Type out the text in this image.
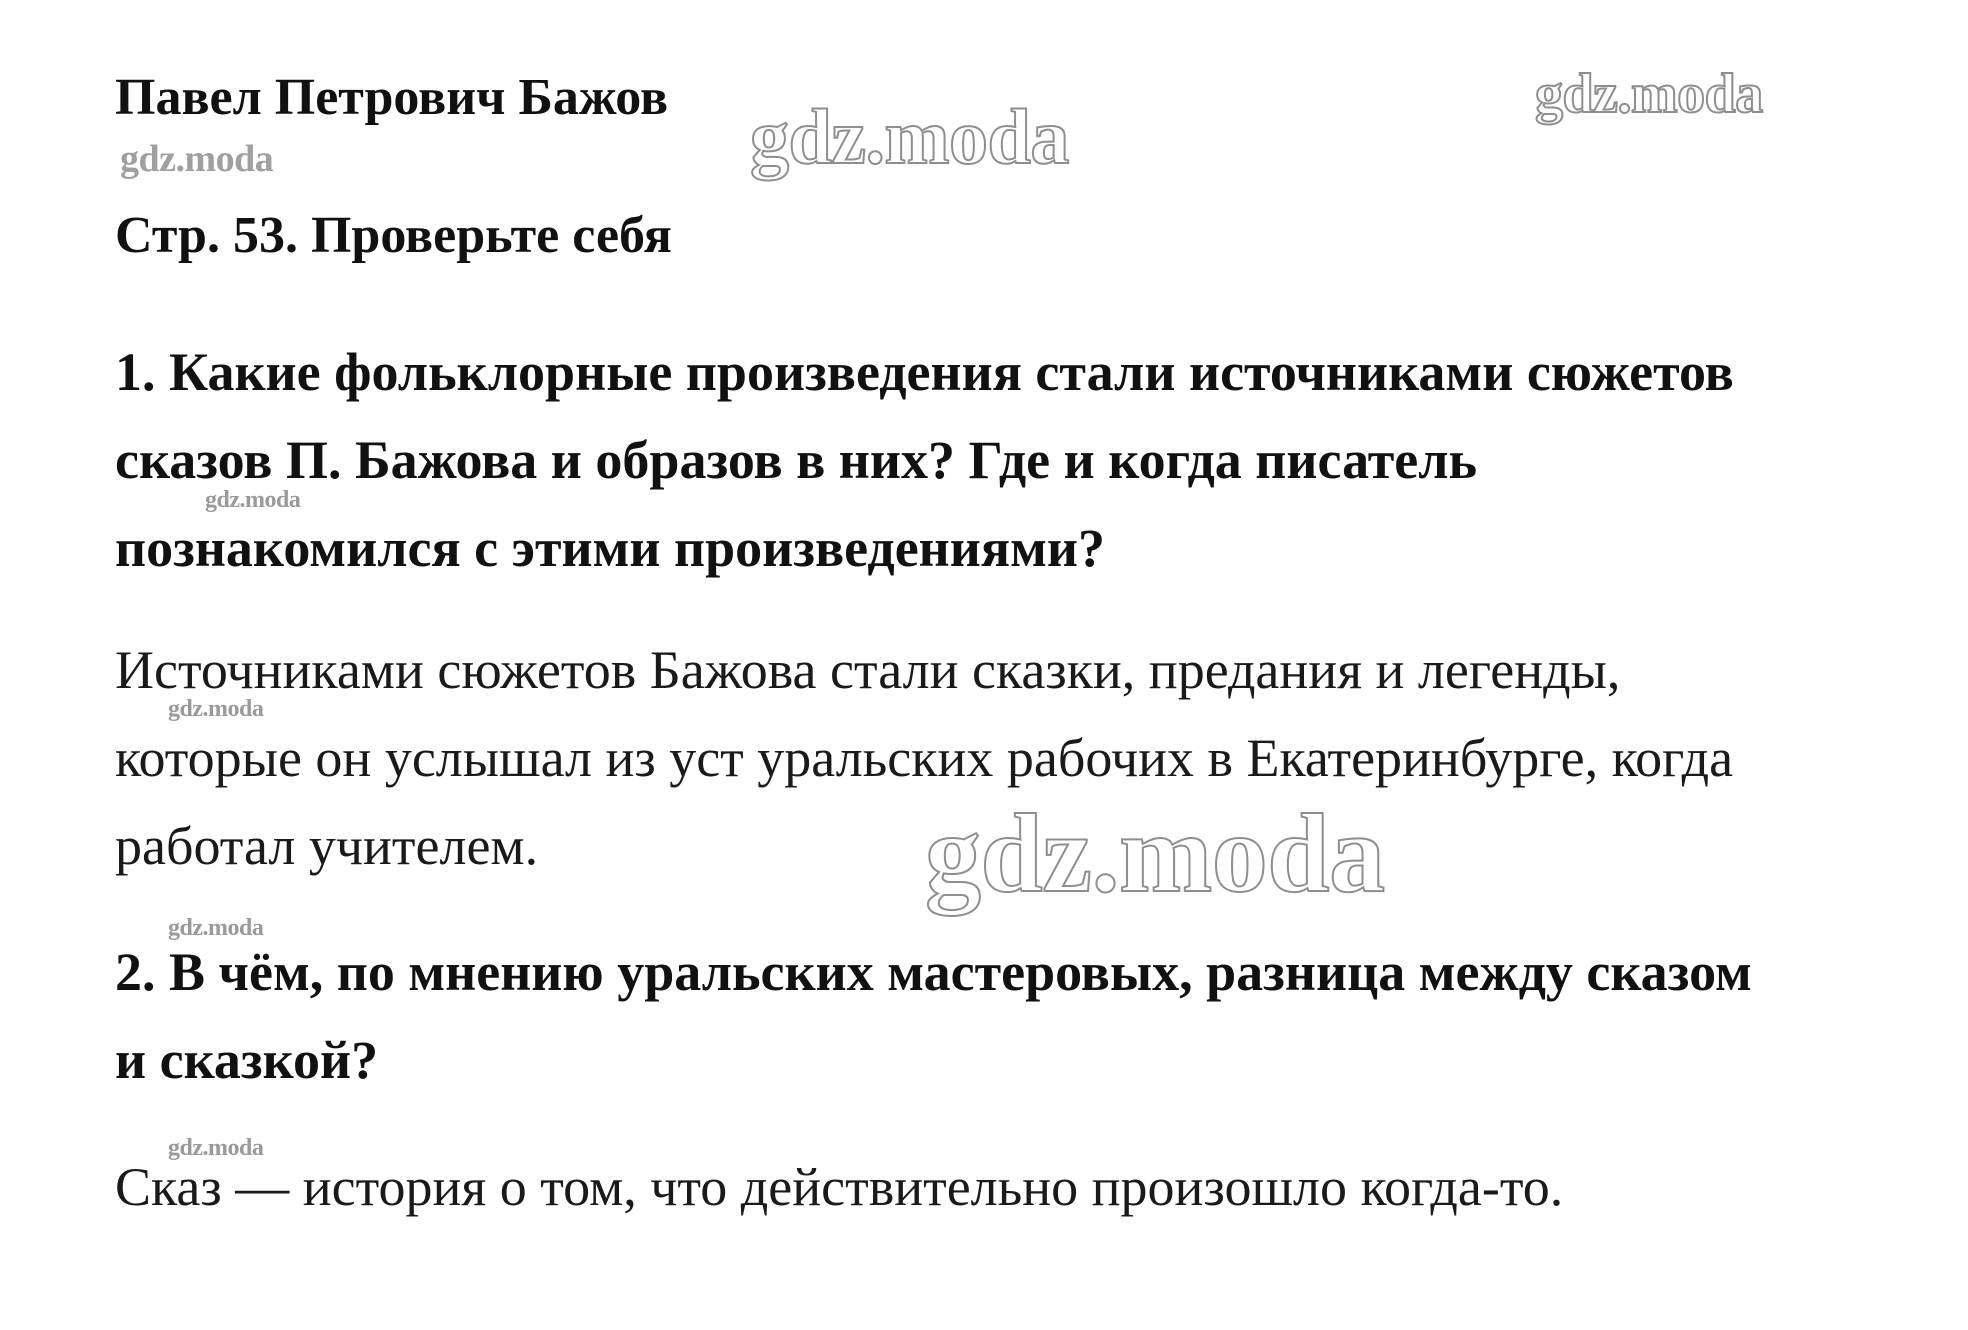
Павел Петрович Бажов
Стр. 53. Проверьте себя
1. Какие фольклорные произведения стали источниками сюжетов
сказов П. Бажова и образов в них? Где и когда писатель
познакомился с этими произведениями?
Источниками сюжетов Бажова стали сказки, предания и легенды,
которые он услышал из уст уральских рабочих в Екатеринбурге, когда
работал учителем.
2. В чём, по мнению уральских мастеровых, разница между сказом
и сказкой?
Сказ — история о том, что действительно произошло когда-то.
gdz.moda	gdz.moda
gdz.moda
gdz.moda
gdz.moda
gdz.moda
gdz.moda
gdz.moda
